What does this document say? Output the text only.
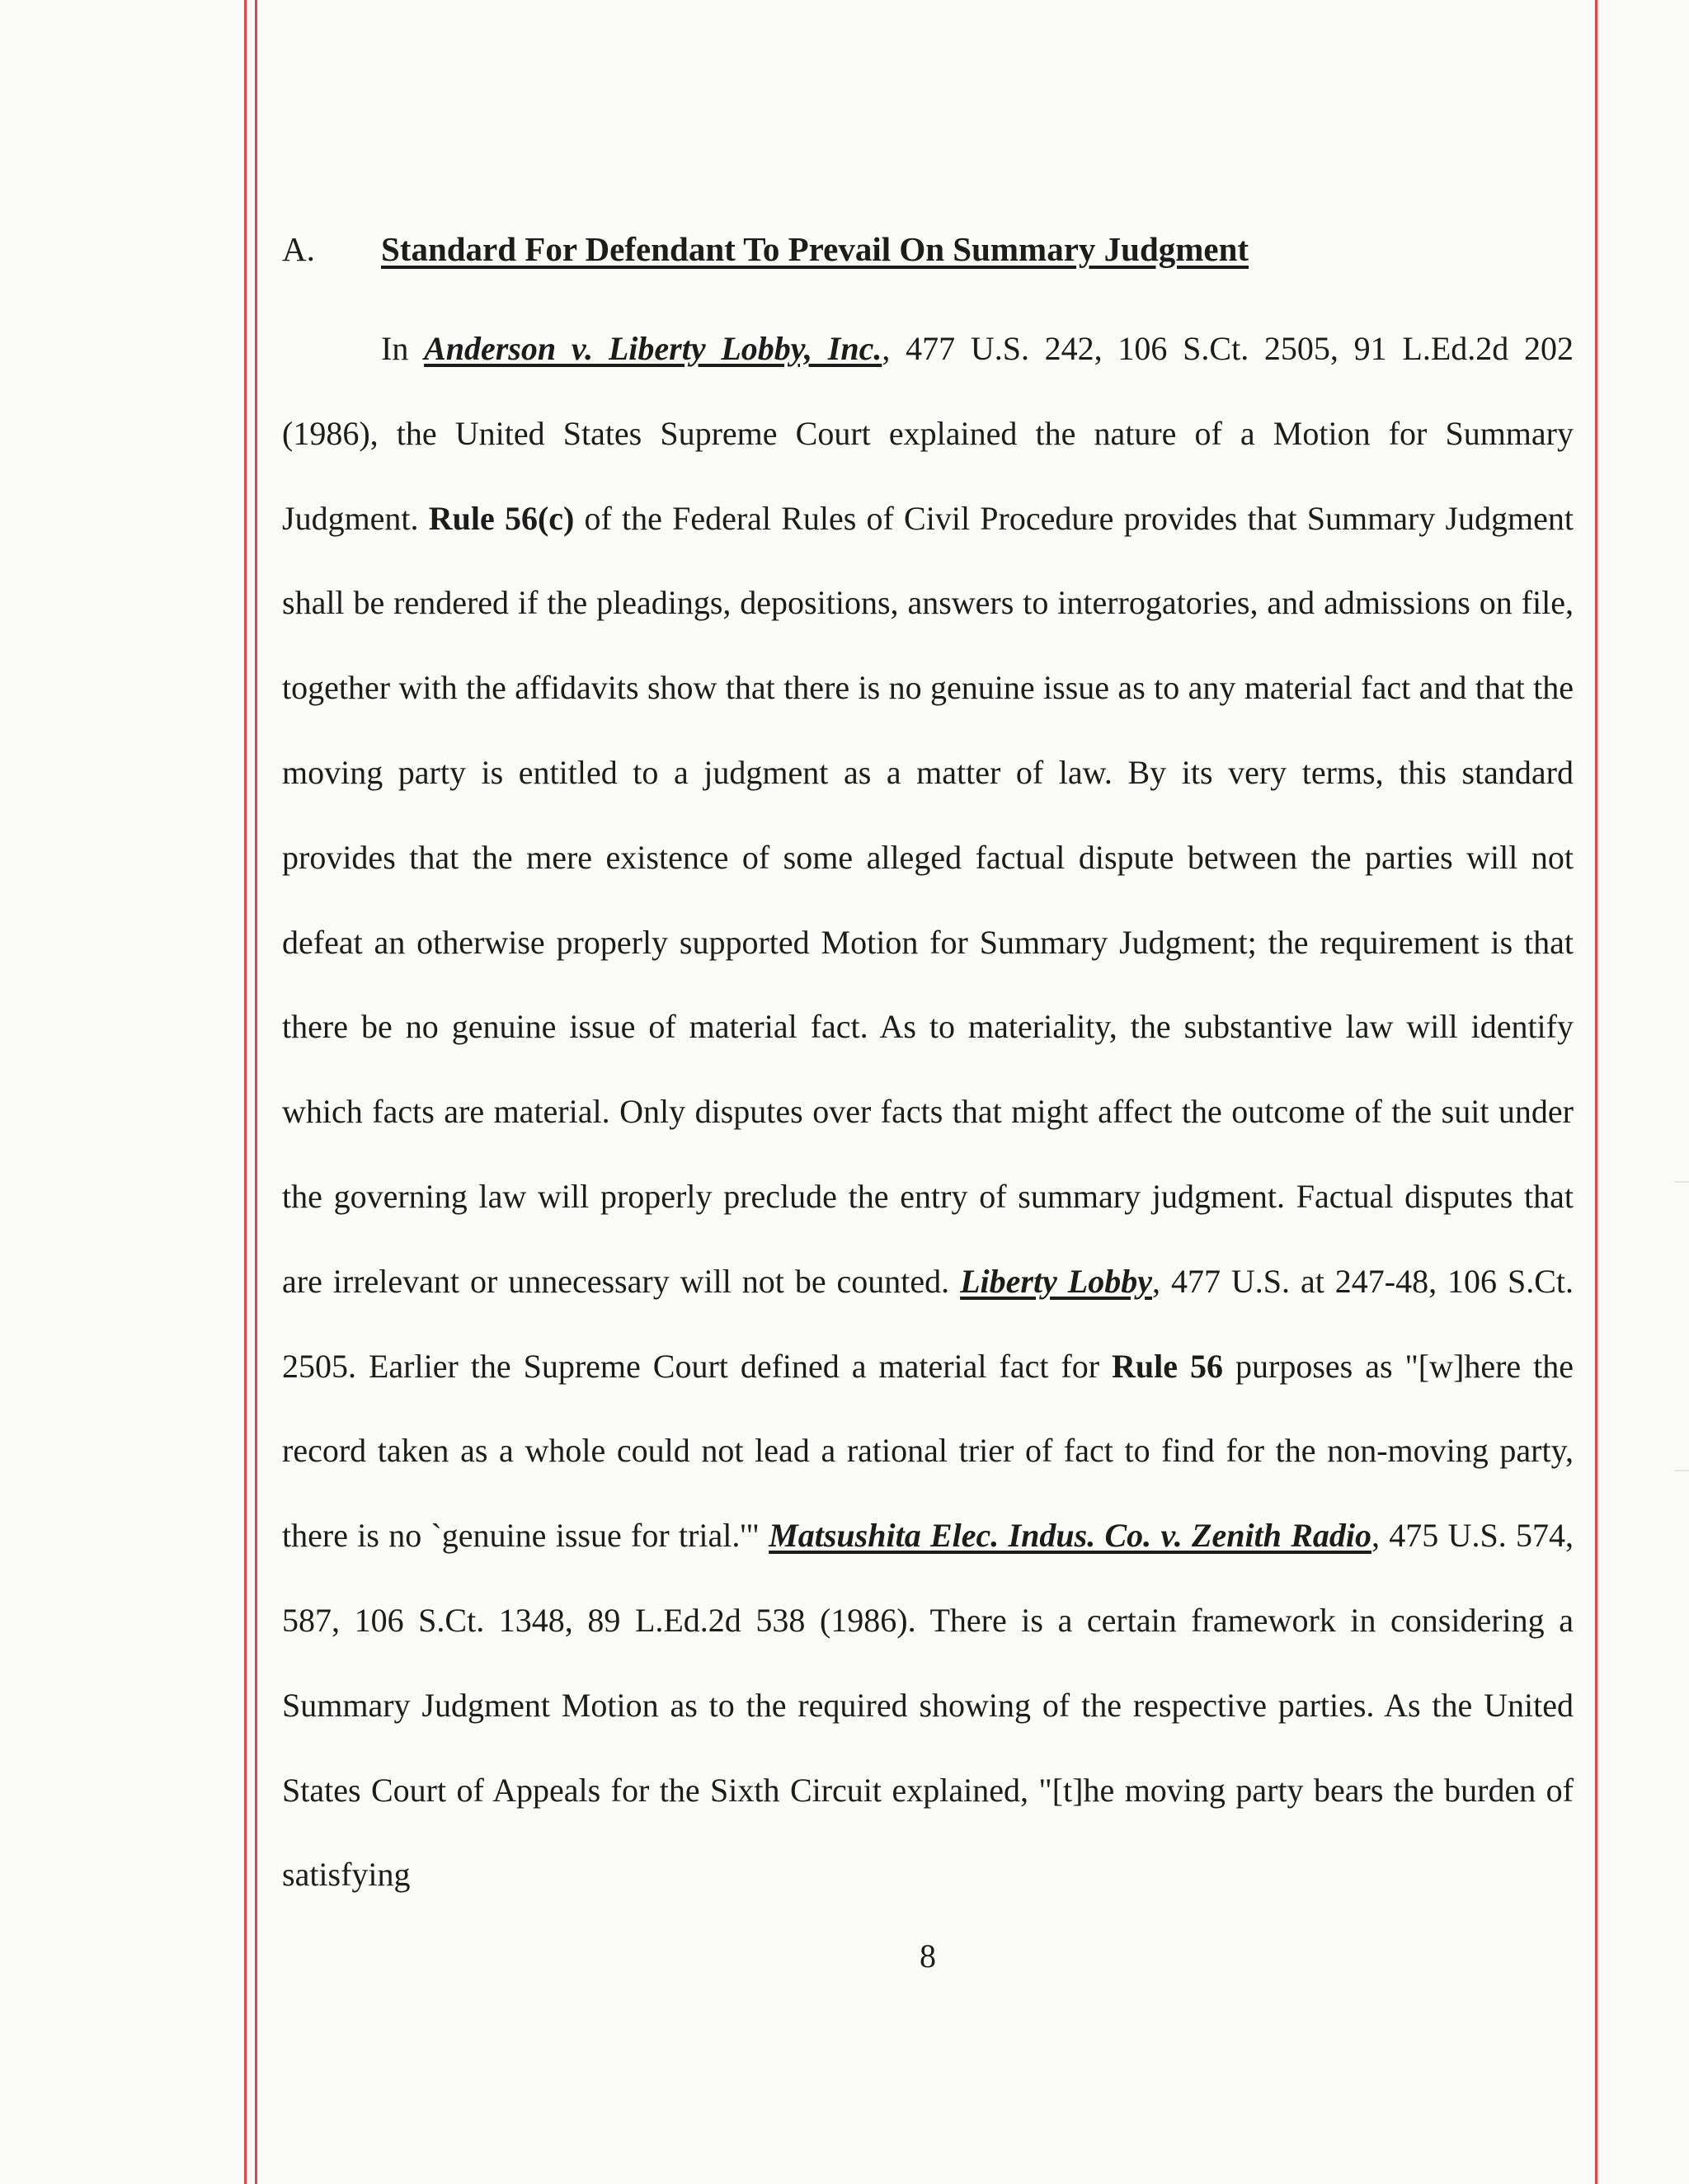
A. Standard For Defendant To Prevail On Summary Judgment

In Anderson v. Liberty Lobby, Inc., 477 U.S. 242, 106 S.Ct. 2505, 91 L.Ed.2d 202 (1986), the United States Supreme Court explained the nature of a Motion for Summary Judgment. Rule 56(c) of the Federal Rules of Civil Procedure provides that Summary Judgment shall be rendered if the pleadings, depositions, answers to interrogatories, and admissions on file, together with the affidavits show that there is no genuine issue as to any material fact and that the moving party is entitled to a judgment as a matter of law. By its very terms, this standard provides that the mere existence of some alleged factual dispute between the parties will not defeat an otherwise properly supported Motion for Summary Judgment; the requirement is that there be no genuine issue of material fact. As to materiality, the substantive law will identify which facts are material. Only disputes over facts that might affect the outcome of the suit under the governing law will properly preclude the entry of summary judgment. Factual disputes that are irrelevant or unnecessary will not be counted. Liberty Lobby, 477 U.S. at 247-48, 106 S.Ct. 2505. Earlier the Supreme Court defined a material fact for Rule 56 purposes as "[w]here the record taken as a whole could not lead a rational trier of fact to find for the non-moving party, there is no `genuine issue for trial.'" Matsushita Elec. Indus. Co. v. Zenith Radio, 475 U.S. 574, 587, 106 S.Ct. 1348, 89 L.Ed.2d 538 (1986). There is a certain framework in considering a Summary Judgment Motion as to the required showing of the respective parties. As the United States Court of Appeals for the Sixth Circuit explained, "[t]he moving party bears the burden of satisfying

8
